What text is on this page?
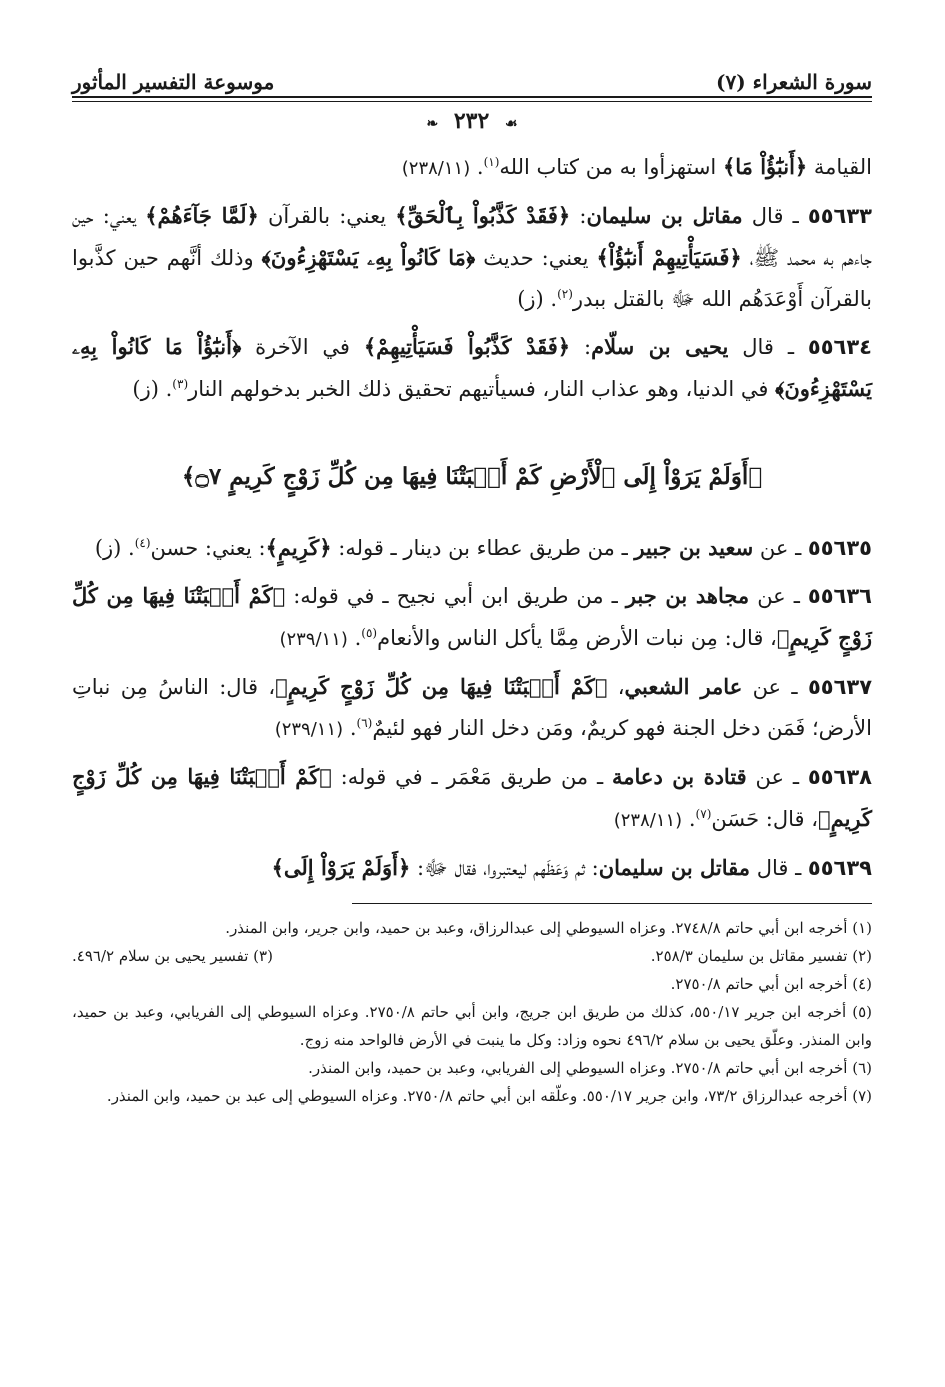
سورة الشعراء (٧)
موسوعة التفسير المأثور
☙ ٢٣٢ ❧

القيامة ﴿أَنبَٰٓؤُاْ مَا﴾ استهزأوا به من كتاب الله$^{(١)}$. (٢٣٨/١١)

٥٥٦٣٣ ـ قال مقاتل بن سليمان: ﴿فَقَدْ كَذَّبُواْ بِٱلْحَقِّ﴾ يعني: بالقرآن ﴿لَمَّا جَآءَهُمْ﴾ يعني: حين جاءهم به محمد ﷺ، ﴿فَسَيَأْتِيهِمْ أَنبَٰٓؤُاْ﴾ يعني: حديث ﴿مَا كَانُواْ بِهِۦ يَسْتَهْزِءُونَ﴾ وذلك أنَّهم حين كذَّبوا بالقرآن أَوْعَدَهُم الله ﷻ بالقتل ببدر$^{(٢)}$. (ز)

٥٥٦٣٤ ـ قال يحيى بن سلّام: ﴿فَقَدْ كَذَّبُواْ فَسَيَأْتِيهِمْ﴾ في الآخرة ﴿أَنبَٰٓؤُاْ مَا كَانُواْ بِهِۦ يَسْتَهْزِءُونَ﴾ في الدنيا، وهو عذاب النار، فسيأتيهم تحقيق ذلك الخبر بدخولهم النار$^{(٣)}$. (ز)

﴿أَوَلَمْ يَرَوْاْ إِلَى ٱلْأَرْضِ كَمْ أَنۢبَتْنَا فِيهَا مِن كُلِّ زَوْجٍ كَرِيمٍ ۝٧﴾

٥٥٦٣٥ ـ عن سعيد بن جبير ـ من طريق عطاء بن دينار ـ قوله: ﴿كَرِيمٍ﴾: يعني: حسن$^{(٤)}$. (ز)

٥٥٦٣٦ ـ عن مجاهد بن جبر ـ من طريق ابن أبي نجيح ـ في قوله: ﴿كَمْ أَنۢبَتْنَا فِيهَا مِن كُلِّ زَوْجٍ كَرِيمٍ﴾، قال: مِن نبات الأرض مِمَّا يأكل الناس والأنعام$^{(٥)}$. (٢٣٩/١١)

٥٥٦٣٧ ـ عن عامر الشعبي، ﴿كَمْ أَنۢبَتْنَا فِيهَا مِن كُلِّ زَوْجٍ كَرِيمٍ﴾، قال: الناسُ مِن نباتِ الأرض؛ فَمَن دخل الجنة فهو كريمٌ، ومَن دخل النار فهو لئيمٌ$^{(٦)}$. (٢٣٩/١١)

٥٥٦٣٨ ـ عن قتادة بن دعامة ـ من طريق مَعْمَر ـ في قوله: ﴿كَمْ أَنۢبَتْنَا فِيهَا مِن كُلِّ زَوْجٍ كَرِيمٍ﴾، قال: حَسَن$^{(٧)}$. (٢٣٨/١١)

٥٥٦٣٩ ـ قال مقاتل بن سليمان: ثم وَعَظَهم ليعتبروا، فقال ﷻ: ﴿أَوَلَمْ يَرَوْاْ إِلَى﴾

(١) أخرجه ابن أبي حاتم ٢٧٤٨/٨. وعزاه السيوطي إلى عبدالرزاق، وعبد بن حميد، وابن جرير، وابن المنذر.

(٢) تفسير مقاتل بن سليمان ٢٥٨/٣.
(٣) تفسير يحيى بن سلام ٤٩٦/٢.

(٤) أخرجه ابن أبي حاتم ٢٧٥٠/٨.

(٥) أخرجه ابن جرير ٥٥٠/١٧، كذلك من طريق ابن جريج، وابن أبي حاتم ٢٧٥٠/٨. وعزاه السيوطي إلى الفريابي، وعبد بن حميد، وابن المنذر. وعلّق يحيى بن سلام ٤٩٦/٢ نحوه وزاد: وكل ما ينبت في الأرض فالواحد منه زوج.

(٦) أخرجه ابن أبي حاتم ٢٧٥٠/٨. وعزاه السيوطي إلى الفريابي، وعبد بن حميد، وابن المنذر.

(٧) أخرجه عبدالرزاق ٧٣/٢، وابن جرير ٥٥٠/١٧. وعلّقه ابن أبي حاتم ٢٧٥٠/٨. وعزاه السيوطي إلى عبد بن حميد، وابن المنذر.
